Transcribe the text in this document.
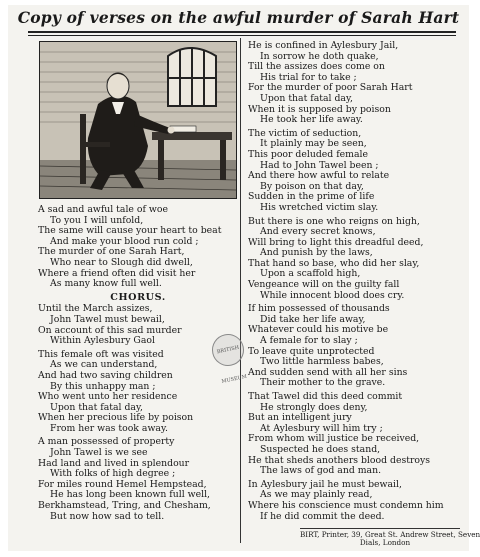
Copy of verses on the awful murder of Sarah Hart
A sad and awful tale of woe
To you I will unfold,
The same will cause your heart to beat
And make your blood run cold ;
The murder of one Sarah Hart,
Who near to Slough did dwell,
Where a friend often did visit her
As many know full well.
CHORUS.
Until the March assizes,
John Tawel must bewail,
On account of this sad murder
Within Aylesbury Gaol
This female oft was visited
As we can understand,
And had two saving children
By this unhappy man ;
Who went unto her residence
Upon that fatal day,
When her precious life by poison
From her was took away.
A man possessed of property
John Tawel is we see
Had land and lived in splendour
With folks of high degree ;
For miles round Hemel Hempstead,
He has long been known full well,
Berkhamstead, Tring, and Chesham,
But now how sad to tell.
He is confined in Aylesbury Jail,
In sorrow he doth quake,
Till the assizes does come on
His trial for to take ;
For the murder of poor Sarah Hart
Upon that fatal day,
When it is supposed by poison
He took her life away.
The victim of seduction,
It plainly may be seen,
This poor deluded female
Had to John Tawel been ;
And there how awful to relate
By poison on that day,
Sudden in the prime of life
His wretched victim slay.
But there is one who reigns on high,
And every secret knows,
Will bring to light this dreadful deed,
And punish by the laws,
That hand so base, who did her slay,
Upon a scaffold high,
Vengeance will on the guilty fall
While innocent blood does cry.
If him possessed of thousands
Did take her life away,
Whatever could his motive be
A female for to slay ;
To leave quite unprotected
Two little harmless babes,
And sudden send with all her sins
Their mother to the grave.
That Tawel did this deed commit
He strongly does deny,
But an intelligent jury
At Aylesbury will him try ;
From whom will justice be received,
Suspected he does stand,
He that sheds anothers blood destroys
The laws of god and man.
In Aylesbury jail he must bewail,
As we may plainly read,
Where his conscience must condemn him
If he did commit the deed.
BRITISH MUSEUM
BIRT, Printer, 39, Great St. Andrew Street, Seven
Dials, London
